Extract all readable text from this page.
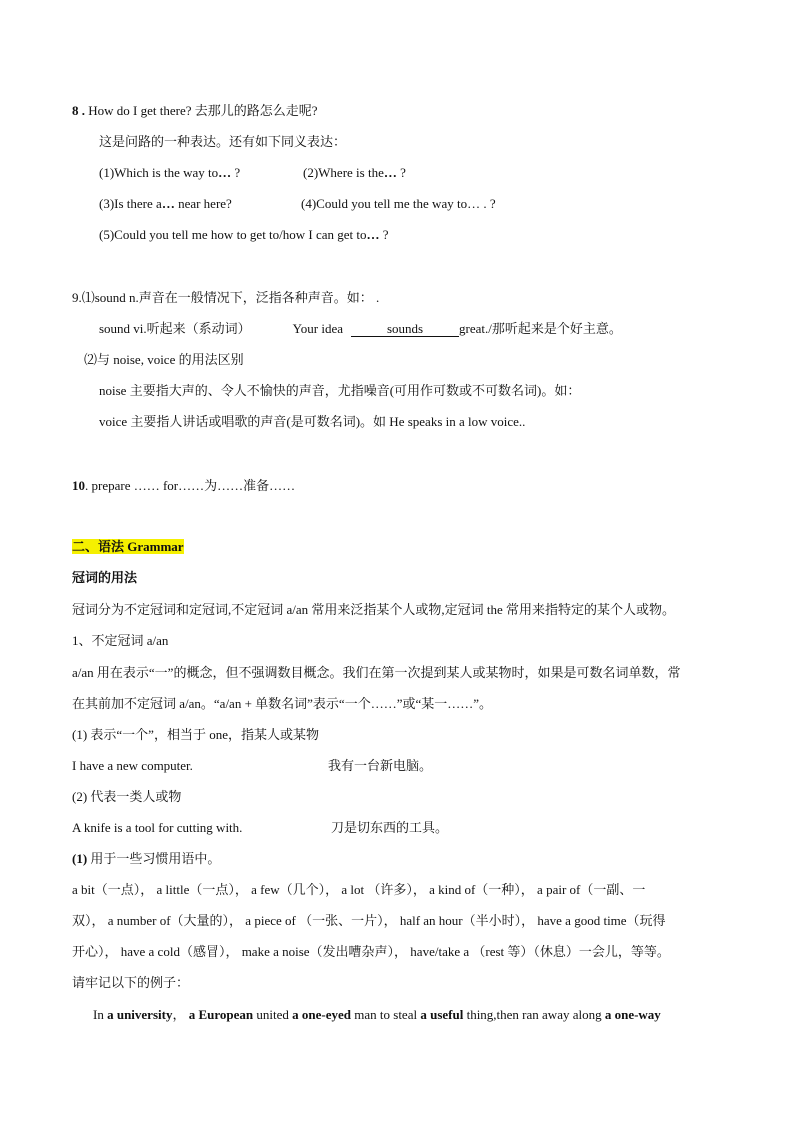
8 . How do I get there? 去那儿的路怎么走呢?
这是问路的一种表达。还有如下同义表达：
(1)Which is the way to… ?	(2)Where is the… ?
(3)Is there a… near here?	(4)Could you tell me the way to… . ?
(5)Could you tell me how to get to/how I can get to… ?
9.⑴sound n.声音在一般情况下，泛指各种声音。如： .
sound vi.听起来（系动词）	Your idea	sounds	great./那听起来是个好主意。
⑵与 noise, voice 的用法区别
noise 主要指大声的、令人不愉快的声音，尤指噪音(可用作可数或不可数名词)。如：
voice 主要指人讲话或唱歌的声音(是可数名词)。如 He speaks in a low voice..
10. prepare …… for……为……准备……
二、语法 Grammar
冠词的用法
冠词分为不定冠词和定冠词,不定冠词 a/an 常用来泛指某个人或物,定冠词 the 常用来指特定的某个人或物。
1、不定冠词 a/an
a/an 用在表示“一”的概念，但不强调数目概念。我们在第一次提到某人或某物时，如果是可数名词单数，常
在其前加不定冠词 a/an。“a/an + 单数名词”表示“一个……”或“某一……”。
(1) 表示“一个”，相当于 one，指某人或某物
I have a new computer.	我有一台新电脑。
(2) 代表一类人或物
A knife is a tool for cutting with.	刀是切东西的工具。
(1) 用于一些习惯用语中。
a bit（一点）， a little（一点）， a few（几个）， a lot （许多）， a kind of（一种）， a pair of（一副、一
双）， a number of（大量的）， a piece of （一张、一片）， half an hour（半小时）， have a good time（玩得
开心）， have a cold（感冒）， make a noise（发出嘈杂声）， have/take a （rest 等）（休息）一会儿，等等。
请牢记以下的例子：
In a university， a European united a one-eyed man to steal a useful thing,then ran away along a one-way
